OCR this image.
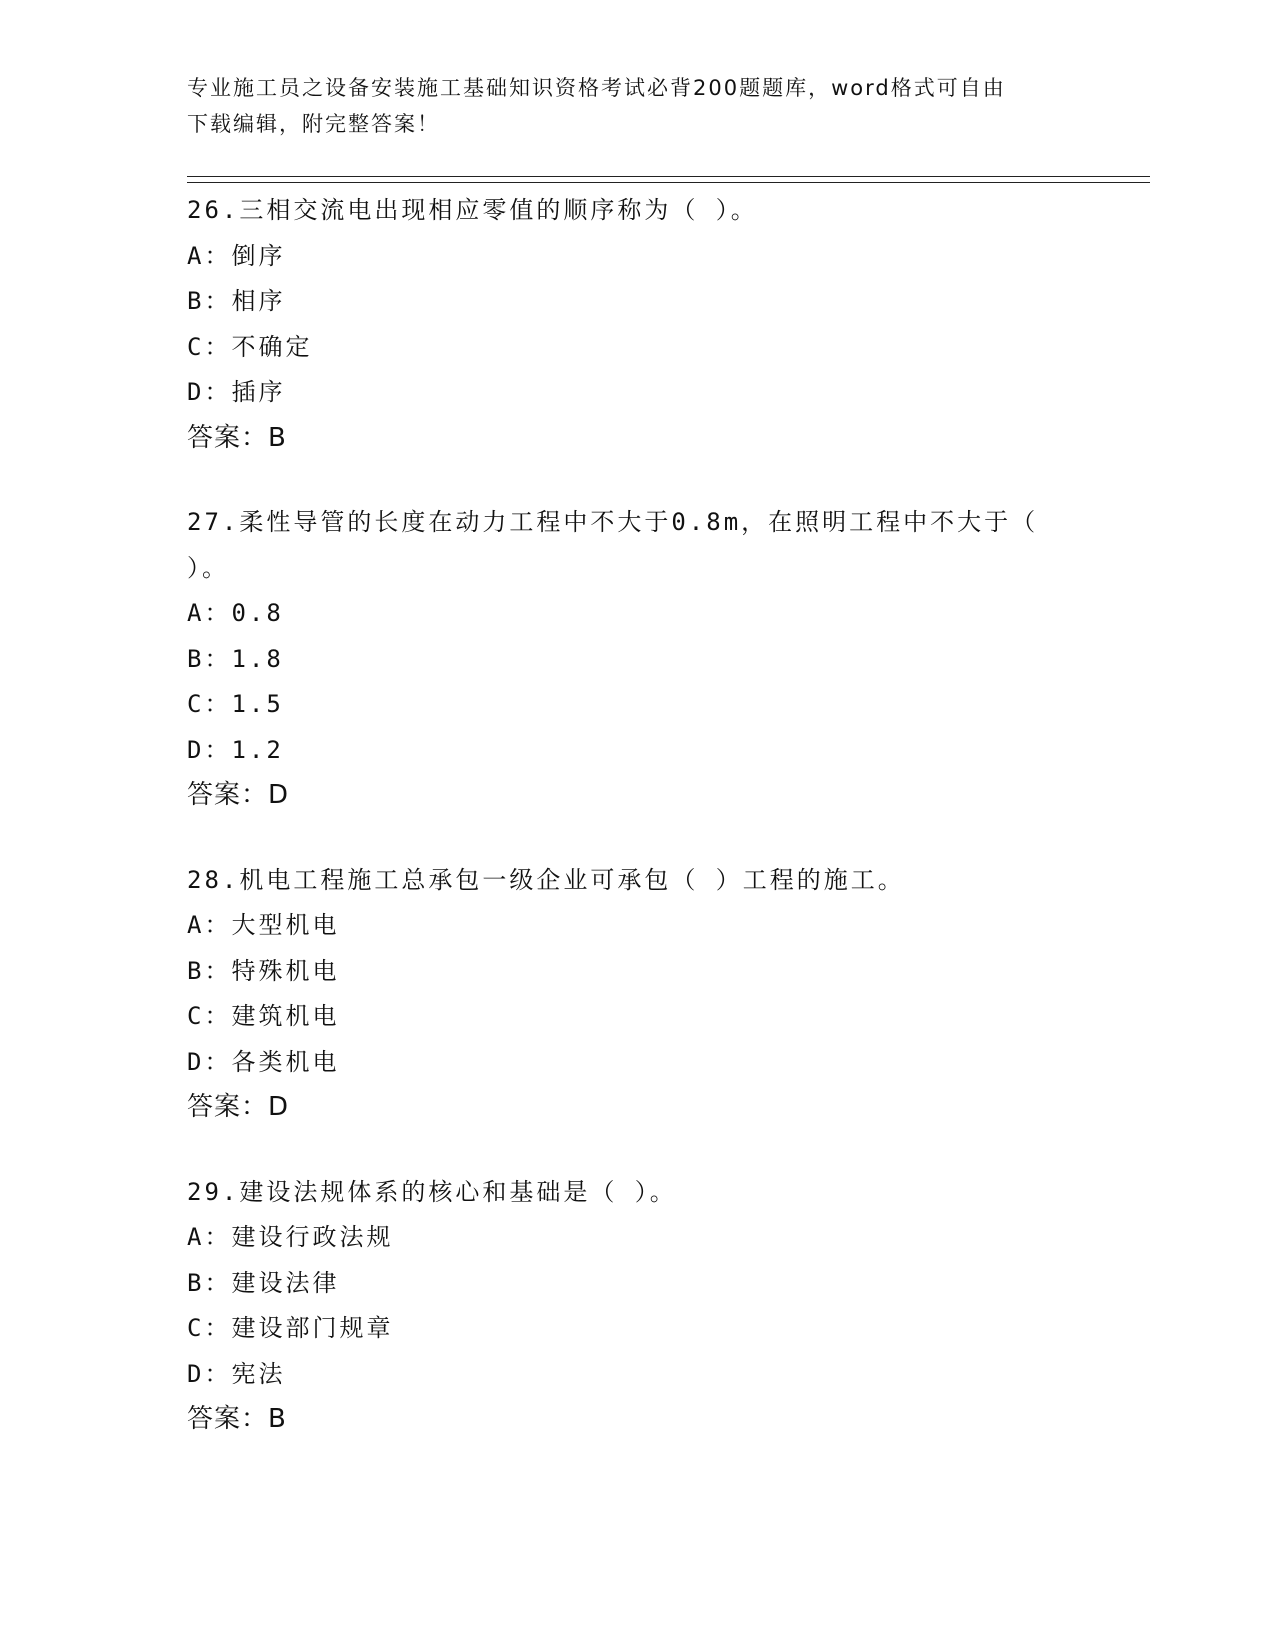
专业施工员之设备安装施工基础知识资格考试必背200题题库，word格式可自由
下载编辑，附完整答案！
26.三相交流电出现相应零值的顺序称为（ ）。
A：倒序
B：相序
C：不确定
D：插序
答案：B
27.柔性导管的长度在动力工程中不大于0.8m，在照明工程中不大于（ ）。
A：0.8
B：1.8
C：1.5
D：1.2
答案：D
28.机电工程施工总承包一级企业可承包（ ）工程的施工。
A：大型机电
B：特殊机电
C：建筑机电
D：各类机电
答案：D
29.建设法规体系的核心和基础是（ ）。
A：建设行政法规
B：建设法律
C：建设部门规章
D：宪法
答案：B
